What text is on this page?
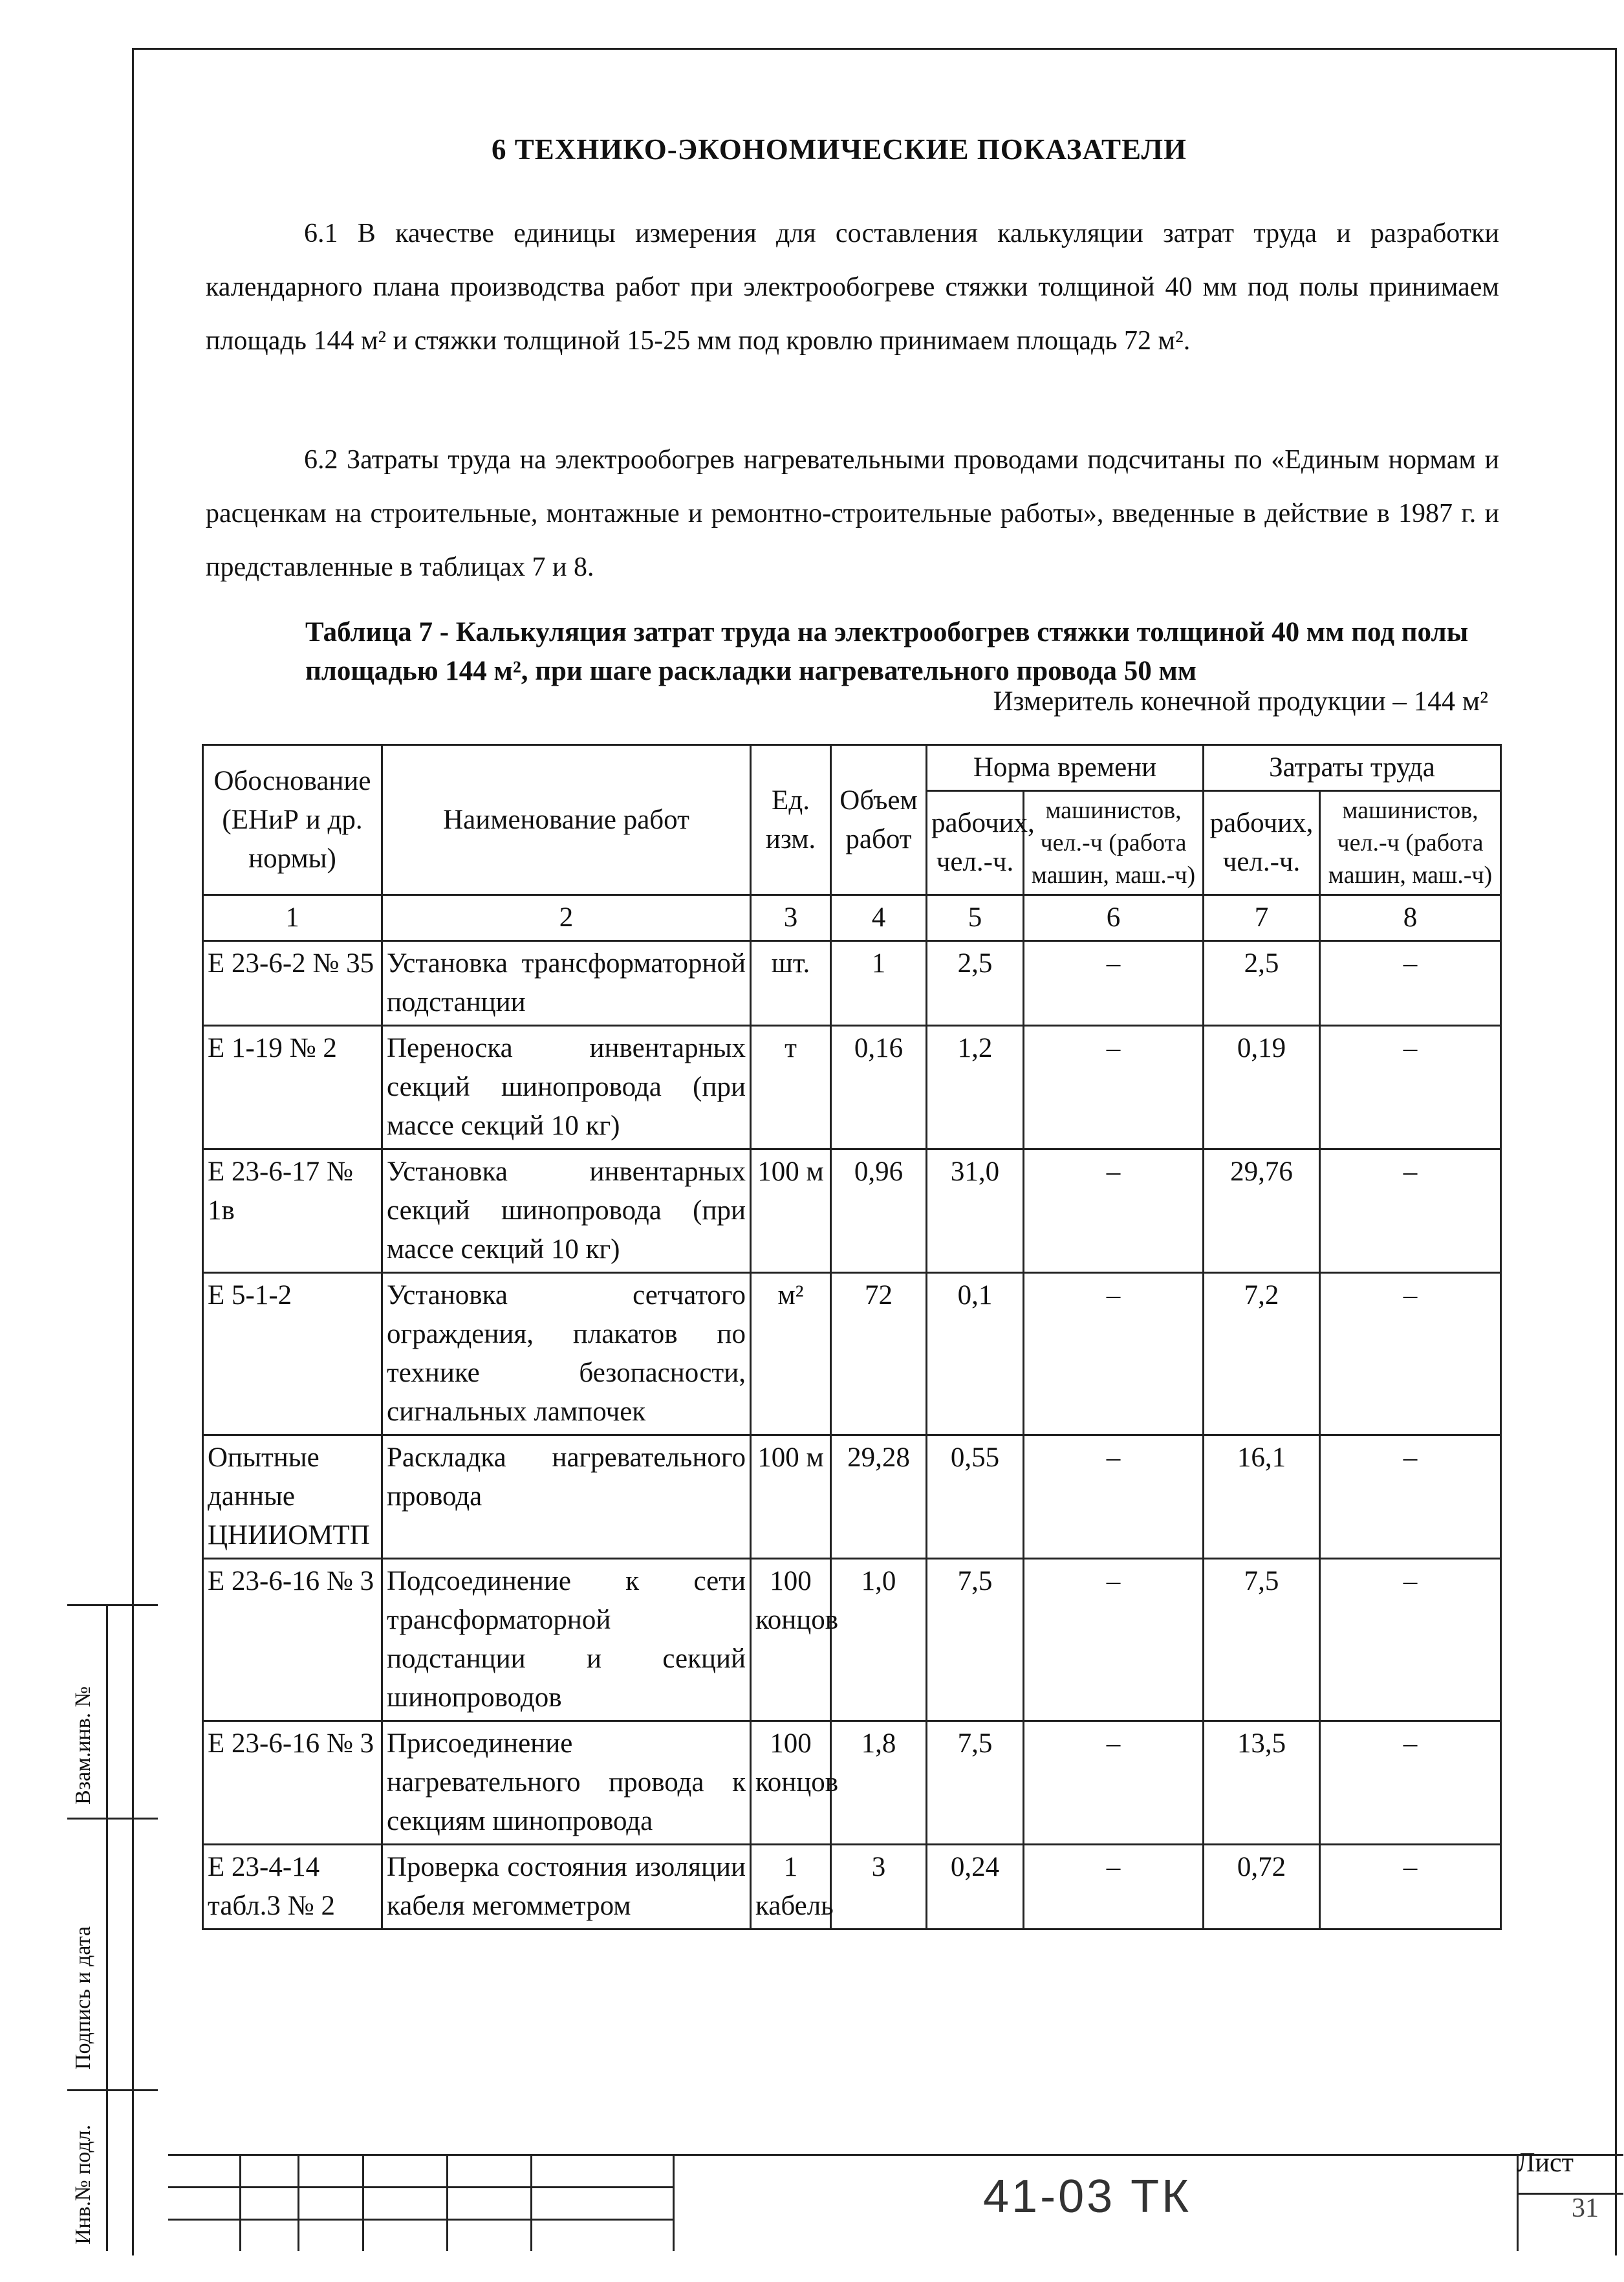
6 ТЕХНИКО-ЭКОНОМИЧЕСКИЕ ПОКАЗАТЕЛИ
6.1 В качестве единицы измерения для составления калькуляции затрат труда и разработки календарного плана производства работ при электрообогреве стяжки толщиной 40 мм под полы принимаем площадь 144 м² и стяжки толщиной 15-25 мм под кровлю принимаем площадь 72 м².
6.2 Затраты труда на электрообогрев нагревательными проводами подсчитаны по «Единым нормам и расценкам на строительные, монтажные и ремонтно-строительные работы», введенные в действие в 1987 г. и представленные в таблицах 7 и 8.
Таблица 7 - Калькуляция затрат труда на электрообогрев стяжки толщиной 40 мм под полы площадью 144 м², при шаге раскладки нагревательного провода 50 мм
Измеритель конечной продукции – 144 м²
Обоснование (ЕНиР и др. нормы)	Наименование работ	Ед. изм.	Объем работ	Норма времени		Затраты труда	
				рабочих, чел.-ч.	машинистов, чел.-ч (работа машин, маш.-ч)	рабочих, чел.-ч.	машинистов, чел.-ч (работа машин, маш.-ч)
1	2	3	4	5	6	7	8
Е 23-6-2 № 35	Установка трансформаторной подстанции	шт.	1	2,5	–	2,5	–
Е 1-19 № 2	Переноска инвентарных секций шинопровода (при массе секций 10 кг)	т	0,16	1,2	–	0,19	–
Е 23-6-17 № 1в	Установка инвентарных секций шинопровода (при массе секций 10 кг)	100 м	0,96	31,0	–	29,76	–
Е 5-1-2	Установка сетчатого ограждения, плакатов по технике безопасности, сигнальных лампочек	м²	72	0,1	–	7,2	–
Опытные данные ЦНИИОМТП	Раскладка нагревательного провода	100 м	29,28	0,55	–	16,1	–
Е 23-6-16 № 3	Подсоединение к сети трансформаторной подстанции и секций шинопроводов	100 концов	1,0	7,5	–	7,5	–
Е 23-6-16 № 3	Присоединение нагревательного провода к секциям шинопровода	100 концов	1,8	7,5	–	13,5	–
Е 23-4-14 табл.3 № 2	Проверка состояния изоляции кабеля мегомметром	1 кабель	3	0,24	–	0,72	–
Взам.инв. №
Подпись и дата
Инв.№ подл.	41-03 ТК
Лист
31
